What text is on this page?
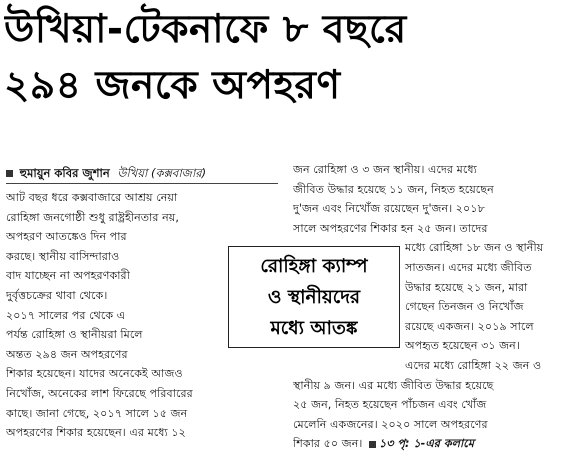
উখিয়া-টেকনাফে ৮ বছরে
২৯৪ জনকে অপহরণ
হুমায়ুন কবির জুশান উখিয়া (কক্সবাজার)
আট বছর ধরে কক্সবাজারে আশ্রয় নেয়া
রোহিঙ্গা জনগোষ্ঠী শুধু রাষ্ট্রহীনতার নয়,
অপহরণ আতঙ্কেও দিন পার
করছে। স্থানীয় বাসিন্দারাও
বাদ যাচ্ছেন না অপহরণকারী
দুর্বৃত্তচক্রের থাবা থেকে।
২০১৭ সালের পর থেকে এ
পর্যন্ত রোহিঙ্গা ও স্থানীয়রা মিলে
অন্তত ২৯৪ জন অপহরণের
শিকার হয়েছেন। যাদের অনেকেই আজও
নিখোঁজ, অনেকের লাশ ফিরেছে পরিবারের
কাছে। জানা গেছে, ২০১৭ সালে ১৫ জন
অপহরণের শিকার হয়েছেন। এর মধ্যে ১২
জন রোহিঙ্গা ও ৩ জন স্থানীয়। এদের মধ্যে
জীবিত উদ্ধার হয়েছে ১১ জন, নিহত হয়েছেন
দু'জন এবং নিখোঁজ রয়েছেন দু'জন। ২০১৮
সালে অপহরণের শিকার হন ২৫ জন। তাদের
মধ্যে রোহিঙ্গা ১৮ জন ও স্থানীয়
সাতজন। এদের মধ্যে জীবিত
উদ্ধার হয়েছে ২১ জন, মারা
গেছেন তিনজন ও নিখোঁজ
রয়েছে একজন। ২০১৯ সালে
অপহৃত হয়েছেন ৩১ জন।
এদের মধ্যে রোহিঙ্গা ২২ জন ও
স্থানীয় ৯ জন। এর মধ্যে জীবিত উদ্ধার হয়েছে
২৫ জন, নিহত হয়েছেন পাঁচজন এবং খোঁজ
মেলেনি একজনের। ২০২০ সালে অপহরণের
শিকার ৫০ জন। ১৩ পৃ: ১-এর কলামে
রোহিঙ্গা ক্যাম্প
ও স্থানীয়দের
মধ্যে আতঙ্ক
